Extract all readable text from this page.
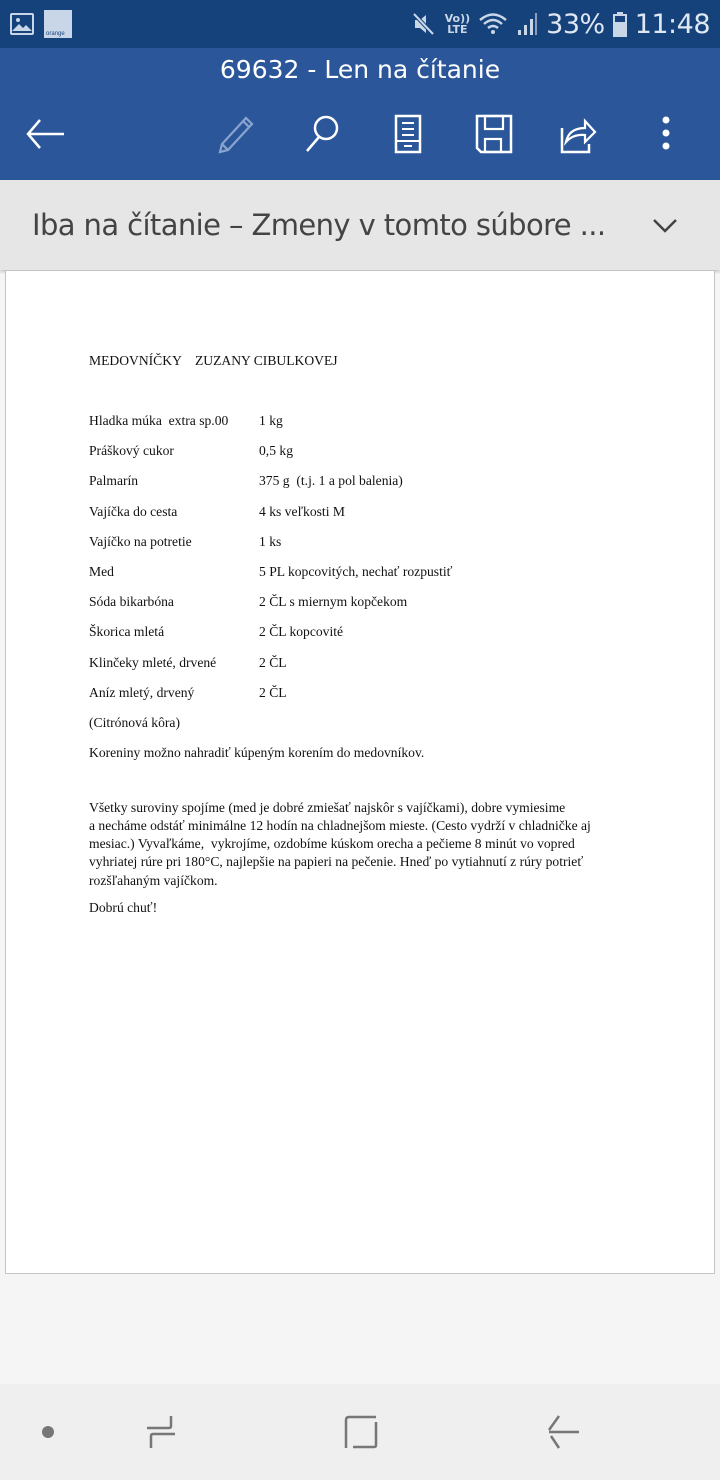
orange
Vo))
LTE	33% 11:48
69632 - Len na čítanie
Iba na čítanie – Zmeny v tomto súbore ...
MEDOVNÍČKY    ZUZANY CIBULKOVEJ
Hladka múka  extra sp.00	1 kg
Práškový cukor	0,5 kg
Palmarín	375 g  (t.j. 1 a pol balenia)
Vajíčka do cesta	4 ks veľkosti M
Vajíčko na potretie	1 ks
Med	5 PL kopcovitých, nechať rozpustiť
Sóda bikarbóna	2 ČL s miernym kopčekom
Škorica mletá	2 ČL kopcovité
Klinčeky mleté, drvené	2 ČL
Aníz mletý, drvený	2 ČL
(Citrónová kôra)
Koreniny možno nahradiť kúpeným korením do medovníkov.
Všetky suroviny spojíme (med je dobré zmiešať najskôr s vajíčkami), dobre vymiesime
a necháme odstáť minimálne 12 hodín na chladnejšom mieste. (Cesto vydrží v chladničke aj
mesiac.) Vyvaľkáme,  vykrojíme, ozdobíme kúskom orecha a pečieme 8 minút vo vopred
vyhriatej rúre pri 180°C, najlepšie na papieri na pečenie. Hneď po vytiahnutí z rúry potrieť
rozšľahaným vajíčkom.
Dobrú chuť!
